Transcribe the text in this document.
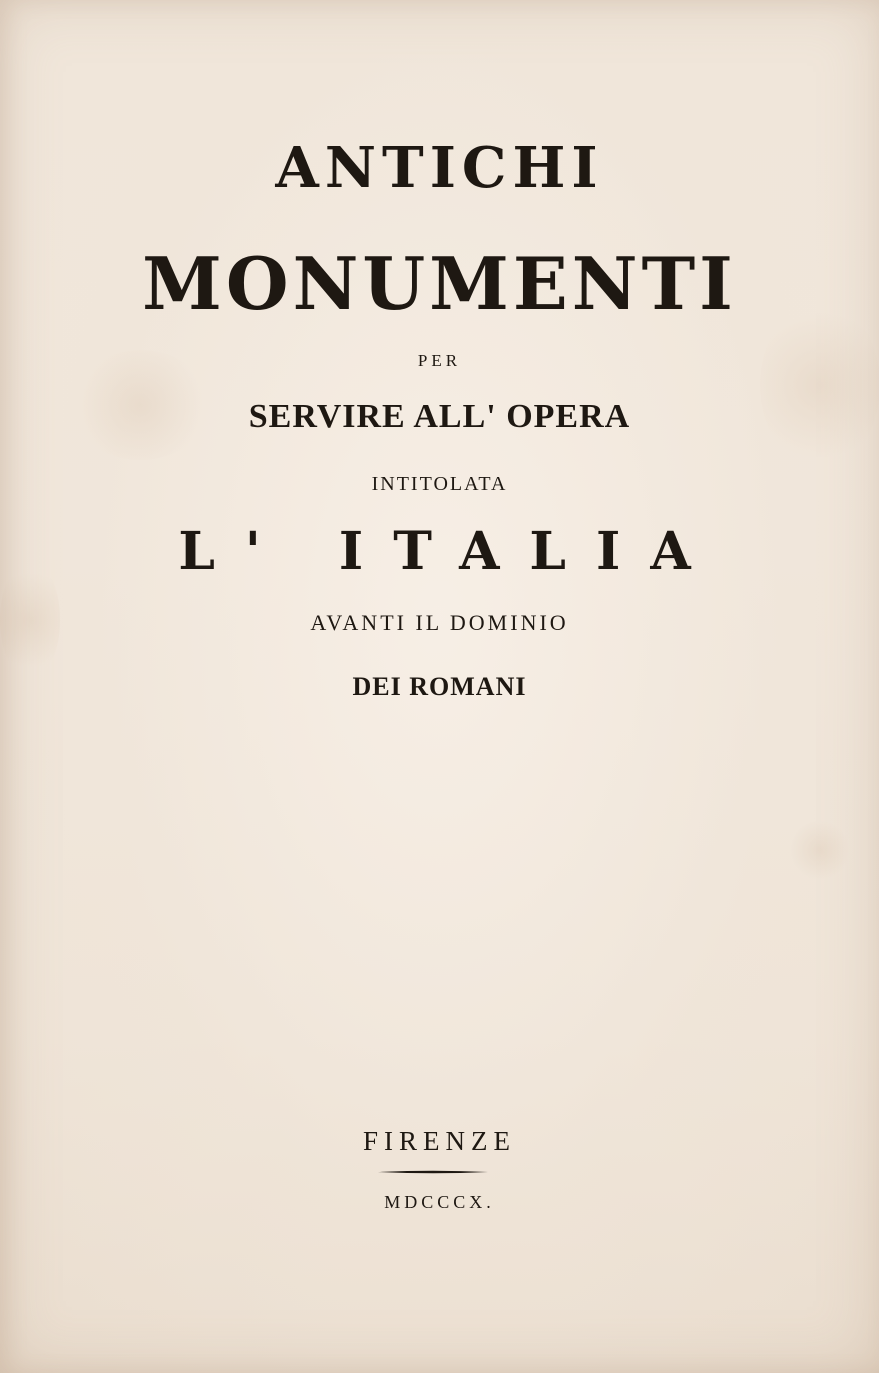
ANTICHI

MONUMENTI

PER

SERVIRE ALL' OPERA

INTITOLATA

L' ITALIA

AVANTI IL DOMINIO

DEI ROMANI

FIRENZE

MDCCCX.
